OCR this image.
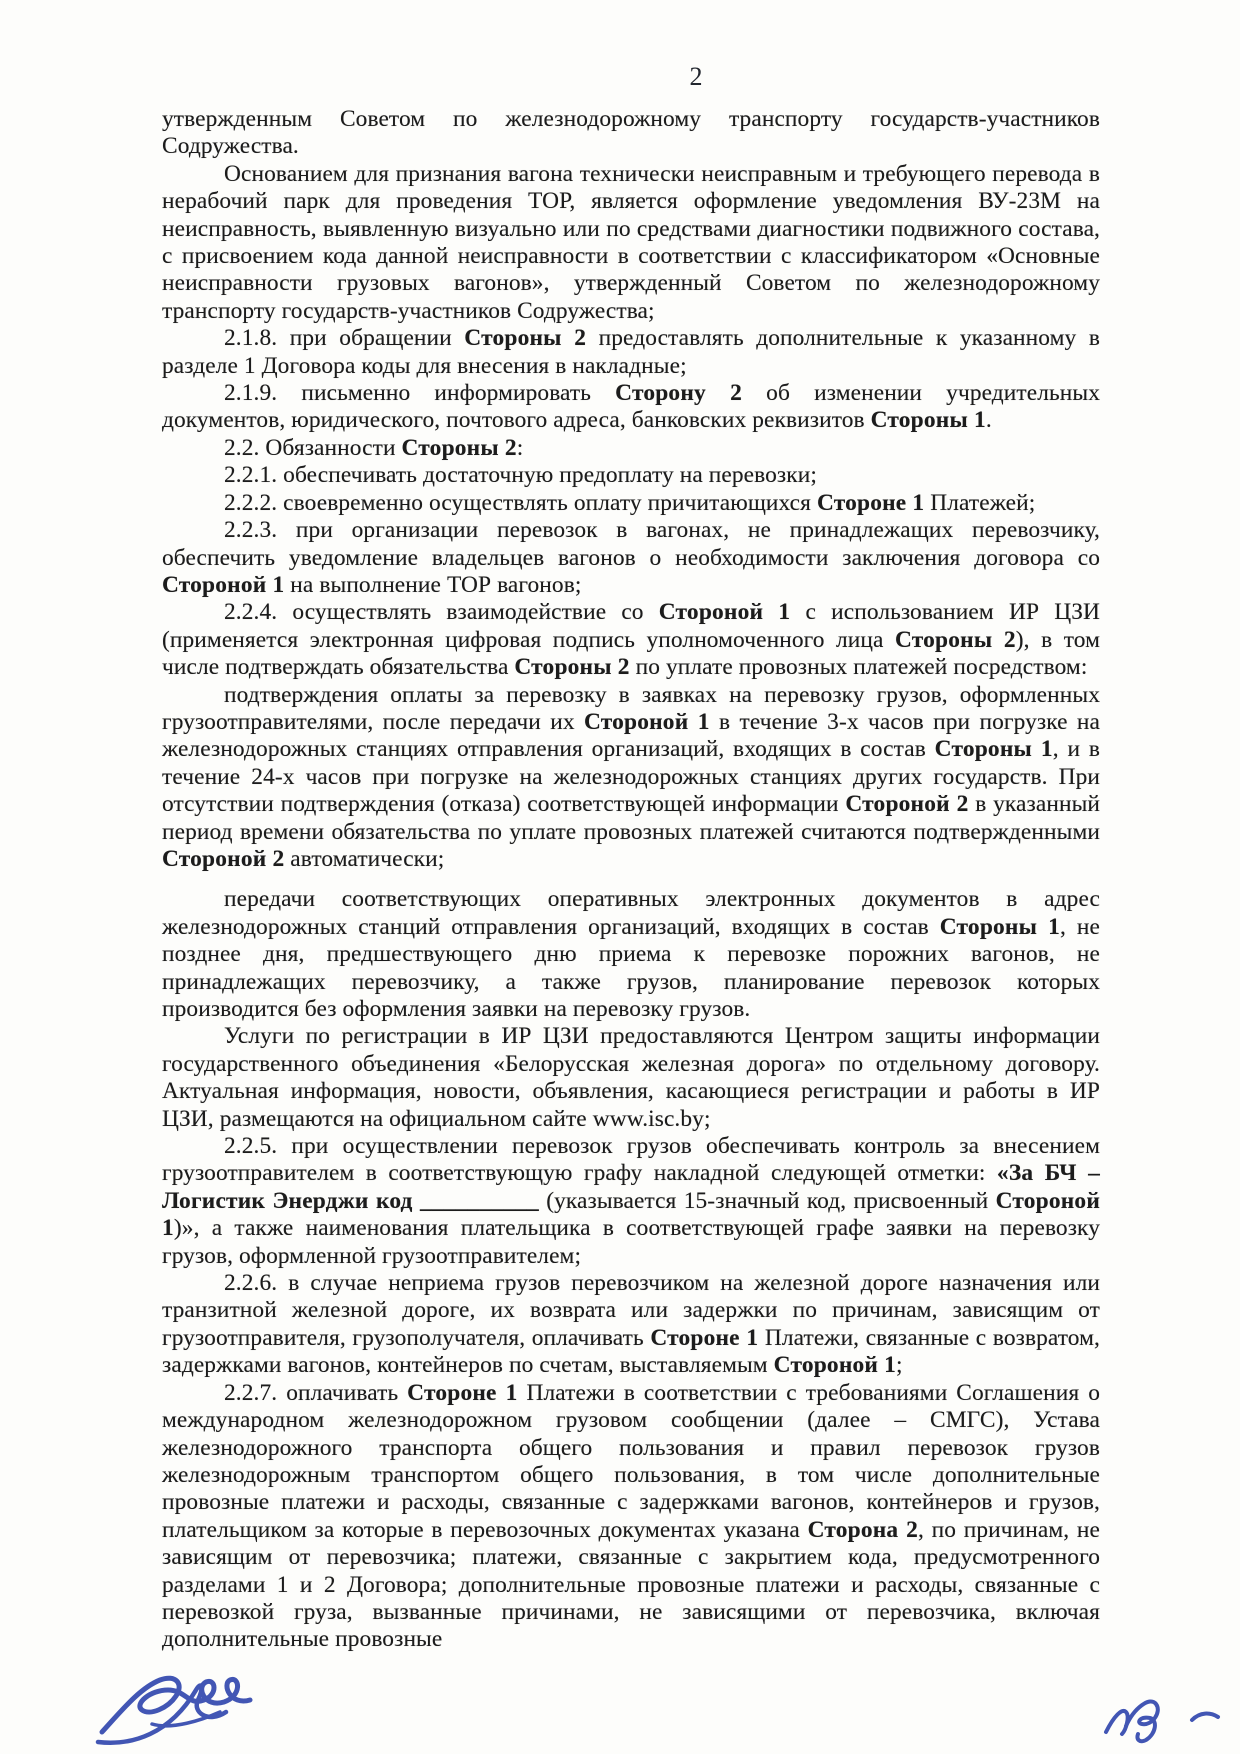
2

утвержденным Советом по железнодорожному транспорту государств-участников Содружества.

Основанием для признания вагона технически неисправным и требующего перевода в нерабочий парк для проведения ТОР, является оформление уведомления ВУ-23М на неисправность, выявленную визуально или по средствами диагностики подвижного состава, с присвоением кода данной неисправности в соответствии с классификатором «Основные неисправности грузовых вагонов», утвержденный Советом по железнодорожному транспорту государств-участников Содружества;

2.1.8. при обращении Стороны 2 предоставлять дополнительные к указанному в разделе 1 Договора коды для внесения в накладные;

2.1.9. письменно информировать Сторону 2 об изменении учредительных документов, юридического, почтового адреса, банковских реквизитов Стороны 1.

2.2. Обязанности Стороны 2:

2.2.1. обеспечивать достаточную предоплату на перевозки;

2.2.2. своевременно осуществлять оплату причитающихся Стороне 1 Платежей;

2.2.3. при организации перевозок в вагонах, не принадлежащих перевозчику, обеспечить уведомление владельцев вагонов о необходимости заключения договора со Стороной 1 на выполнение ТОР вагонов;

2.2.4. осуществлять взаимодействие со Стороной 1 с использованием ИР ЦЗИ (применяется электронная цифровая подпись уполномоченного лица Стороны 2), в том числе подтверждать обязательства Стороны 2 по уплате провозных платежей посредством:

подтверждения оплаты за перевозку в заявках на перевозку грузов, оформленных грузоотправителями, после передачи их Стороной 1 в течение 3-х часов при погрузке на железнодорожных станциях отправления организаций, входящих в состав Стороны 1, и в течение 24-х часов при погрузке на железнодорожных станциях других государств. При отсутствии подтверждения (отказа) соответствующей информации Стороной 2 в указанный период времени обязательства по уплате провозных платежей считаются подтвержденными Стороной 2 автоматически;

передачи соответствующих оперативных электронных документов в адрес железнодорожных станций отправления организаций, входящих в состав Стороны 1, не позднее дня, предшествующего дню приема к перевозке порожних вагонов, не принадлежащих перевозчику, а также грузов, планирование перевозок которых производится без оформления заявки на перевозку грузов.

Услуги по регистрации в ИР ЦЗИ предоставляются Центром защиты информации государственного объединения «Белорусская железная дорога» по отдельному договору. Актуальная информация, новости, объявления, касающиеся регистрации и работы в ИР ЦЗИ, размещаются на официальном сайте www.isc.by;

2.2.5. при осуществлении перевозок грузов обеспечивать контроль за внесением грузоотправителем в соответствующую графу накладной следующей отметки: «За БЧ – Логистик Энерджи код __________ (указывается 15-значный код, присвоенный Стороной 1)», а также наименования плательщика в соответствующей графе заявки на перевозку грузов, оформленной грузоотправителем;

2.2.6. в случае неприема грузов перевозчиком на железной дороге назначения или транзитной железной дороге, их возврата или задержки по причинам, зависящим от грузоотправителя, грузополучателя, оплачивать Стороне 1 Платежи, связанные с возвратом, задержками вагонов, контейнеров по счетам, выставляемым Стороной 1;

2.2.7. оплачивать Стороне 1 Платежи в соответствии с требованиями Соглашения о международном железнодорожном грузовом сообщении (далее – СМГС), Устава железнодорожного транспорта общего пользования и правил перевозок грузов железнодорожным транспортом общего пользования, в том числе дополнительные провозные платежи и расходы, связанные с задержками вагонов, контейнеров и грузов, плательщиком за которые в перевозочных документах указана Сторона 2, по причинам, не зависящим от перевозчика; платежи, связанные с закрытием кода, предусмотренного разделами 1 и 2 Договора; дополнительные провозные платежи и расходы, связанные с перевозкой груза, вызванные причинами, не зависящими от перевозчика, включая дополнительные провозные
